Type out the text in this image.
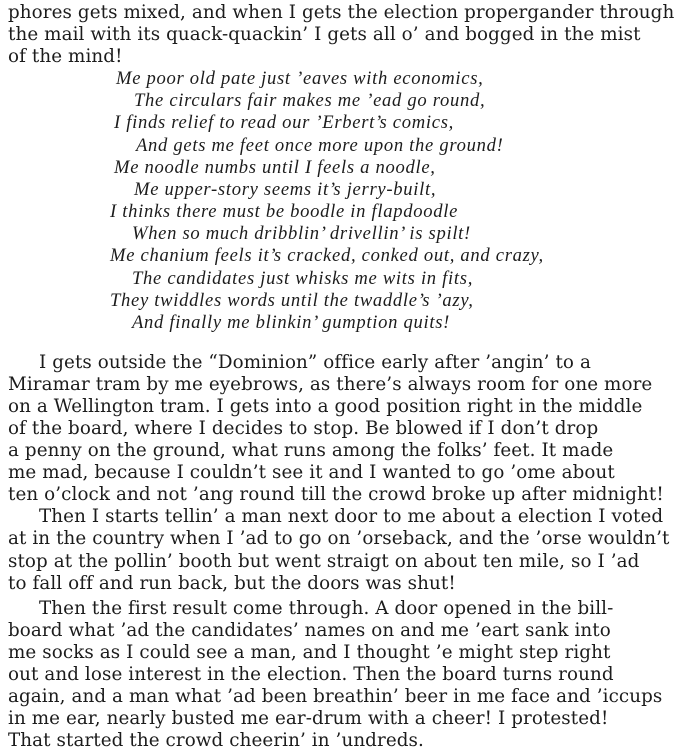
phores gets mixed, and when I gets the election propergander through
the mail with its quack-quackin’ I gets all o’ and bogged in the mist
of the mind!
Me poor old pate just ’eaves with economics,
The circulars fair makes me ’ead go round,
I finds relief to read our ’Erbert’s comics,
And gets me feet once more upon the ground!
Me noodle numbs until I feels a noodle,
Me upper-story seems it’s jerry-built,
I thinks there must be boodle in flapdoodle
When so much dribblin’ drivellin’ is spilt!
Me chanium feels it’s cracked, conked out, and crazy,
The candidates just whisks me wits in fits,
They twiddles words until the twaddle’s ’azy,
And finally me blinkin’ gumption quits!
I gets outside the “Dominion” office early after ’angin’ to a
Miramar tram by me eyebrows, as there’s always room for one more
on a Wellington tram. I gets into a good position right in the middle
of the board, where I decides to stop. Be blowed if I don’t drop
a penny on the ground, what runs among the folks’ feet. It made
me mad, because I couldn’t see it and I wanted to go ’ome about
ten o’clock and not ’ang round till the crowd broke up after midnight!
Then I starts tellin’ a man next door to me about a election I voted
at in the country when I ’ad to go on ’orseback, and the ’orse wouldn’t
stop at the pollin’ booth but went straigt on about ten mile, so I ’ad
to fall off and run back, but the doors was shut!
Then the first result come through. A door opened in the bill-
board what ’ad the candidates’ names on and me ’eart sank into
me socks as I could see a man, and I thought ’e might step right
out and lose interest in the election. Then the board turns round
again, and a man what ’ad been breathin’ beer in me face and ’iccups
in me ear, nearly busted me ear-drum with a cheer! I protested!
That started the crowd cheerin’ in ’undreds.
